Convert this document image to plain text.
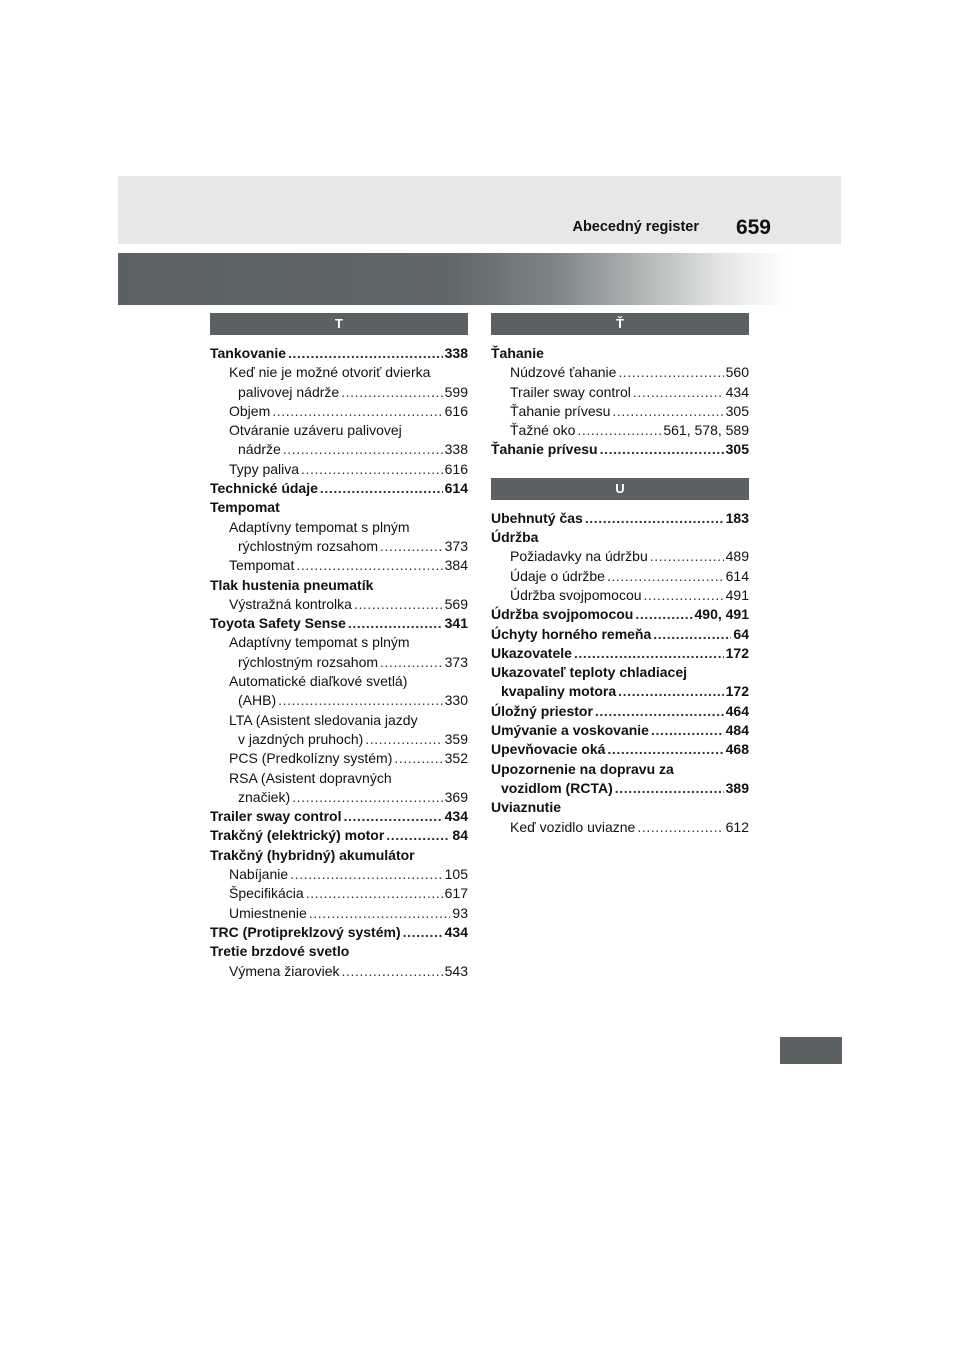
Abecedný register 659
T
Tankovanie .....	338
Keď nie je možné otvoriť dvierka
palivovej nádrže .....	599
Objem .....	616
Otváranie uzáveru palivovej
nádrže .....	338
Typy paliva .....	616
Technické údaje .....	614
Tempomat
Adaptívny tempomat s plným
rýchlostným rozsahom .....	373
Tempomat .....	384
Tlak hustenia pneumatík
Výstražná kontrolka .....	569
Toyota Safety Sense .....	341
Adaptívny tempomat s plným
rýchlostným rozsahom .....	373
Automatické diaľkové svetlá)
(AHB) .....	330
LTA (Asistent sledovania jazdy
v jazdných pruhoch) .....	359
PCS (Predkolízny systém) .....	352
RSA (Asistent dopravných
značiek) .....	369
Trailer sway control .....	434
Trakčný (elektrický) motor .....	84
Trakčný (hybridný) akumulátor
Nabíjanie .....	105
Špecifikácia .....	617
Umiestnenie .....	93
TRC (Protipreklzový systém) .....	434
Tretie brzdové svetlo
Výmena žiaroviek .....	543
Ť
Ťahanie
Núdzové ťahanie .....	560
Trailer sway control .....	434
Ťahanie prívesu .....	305
Ťažné oko .....	561, 578, 589
Ťahanie prívesu .....	305
U
Ubehnutý čas .....	183
Údržba
Požiadavky na údržbu .....	489
Údaje o údržbe .....	614
Údržba svojpomocou .....	491
Údržba svojpomocou .....	490, 491
Úchyty horného remeňa .....	64
Ukazovatele .....	172
Ukazovateľ teploty chladiacej
kvapaliny motora .....	172
Úložný priestor .....	464
Umývanie a voskovanie .....	484
Upevňovacie oká .....	468
Upozornenie na dopravu za
vozidlom (RCTA) .....	389
Uviaznutie
Keď vozidlo uviazne .....	612
